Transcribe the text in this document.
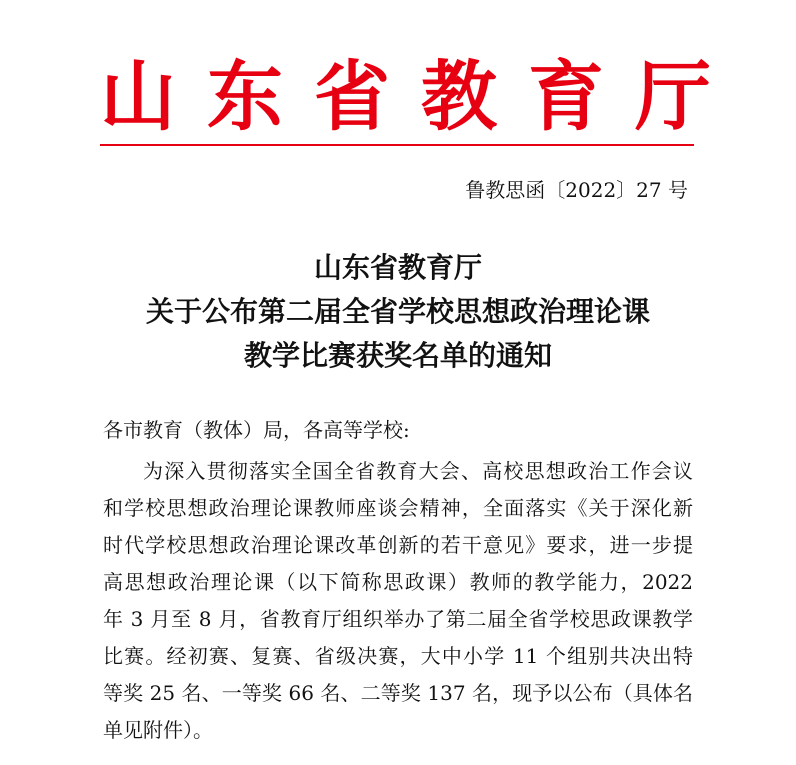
山东省教育厅
鲁教思函〔2022〕27 号
山东省教育厅
关于公布第二届全省学校思想政治理论课
教学比赛获奖名单的通知
各市教育（教体）局，各高等学校:
为深入贯彻落实全国全省教育大会、高校思想政治工作会议
和学校思想政治理论课教师座谈会精神，全面落实《关于深化新
时代学校思想政治理论课改革创新的若干意见》要求，进一步提
高思想政治理论课（以下简称思政课）教师的教学能力，2022
年 3 月至 8 月，省教育厅组织举办了第二届全省学校思政课教学
比赛。经初赛、复赛、省级决赛，大中小学 11 个组别共决出特
等奖 25 名、一等奖 66 名、二等奖 137 名，现予以公布（具体名
单见附件）。
